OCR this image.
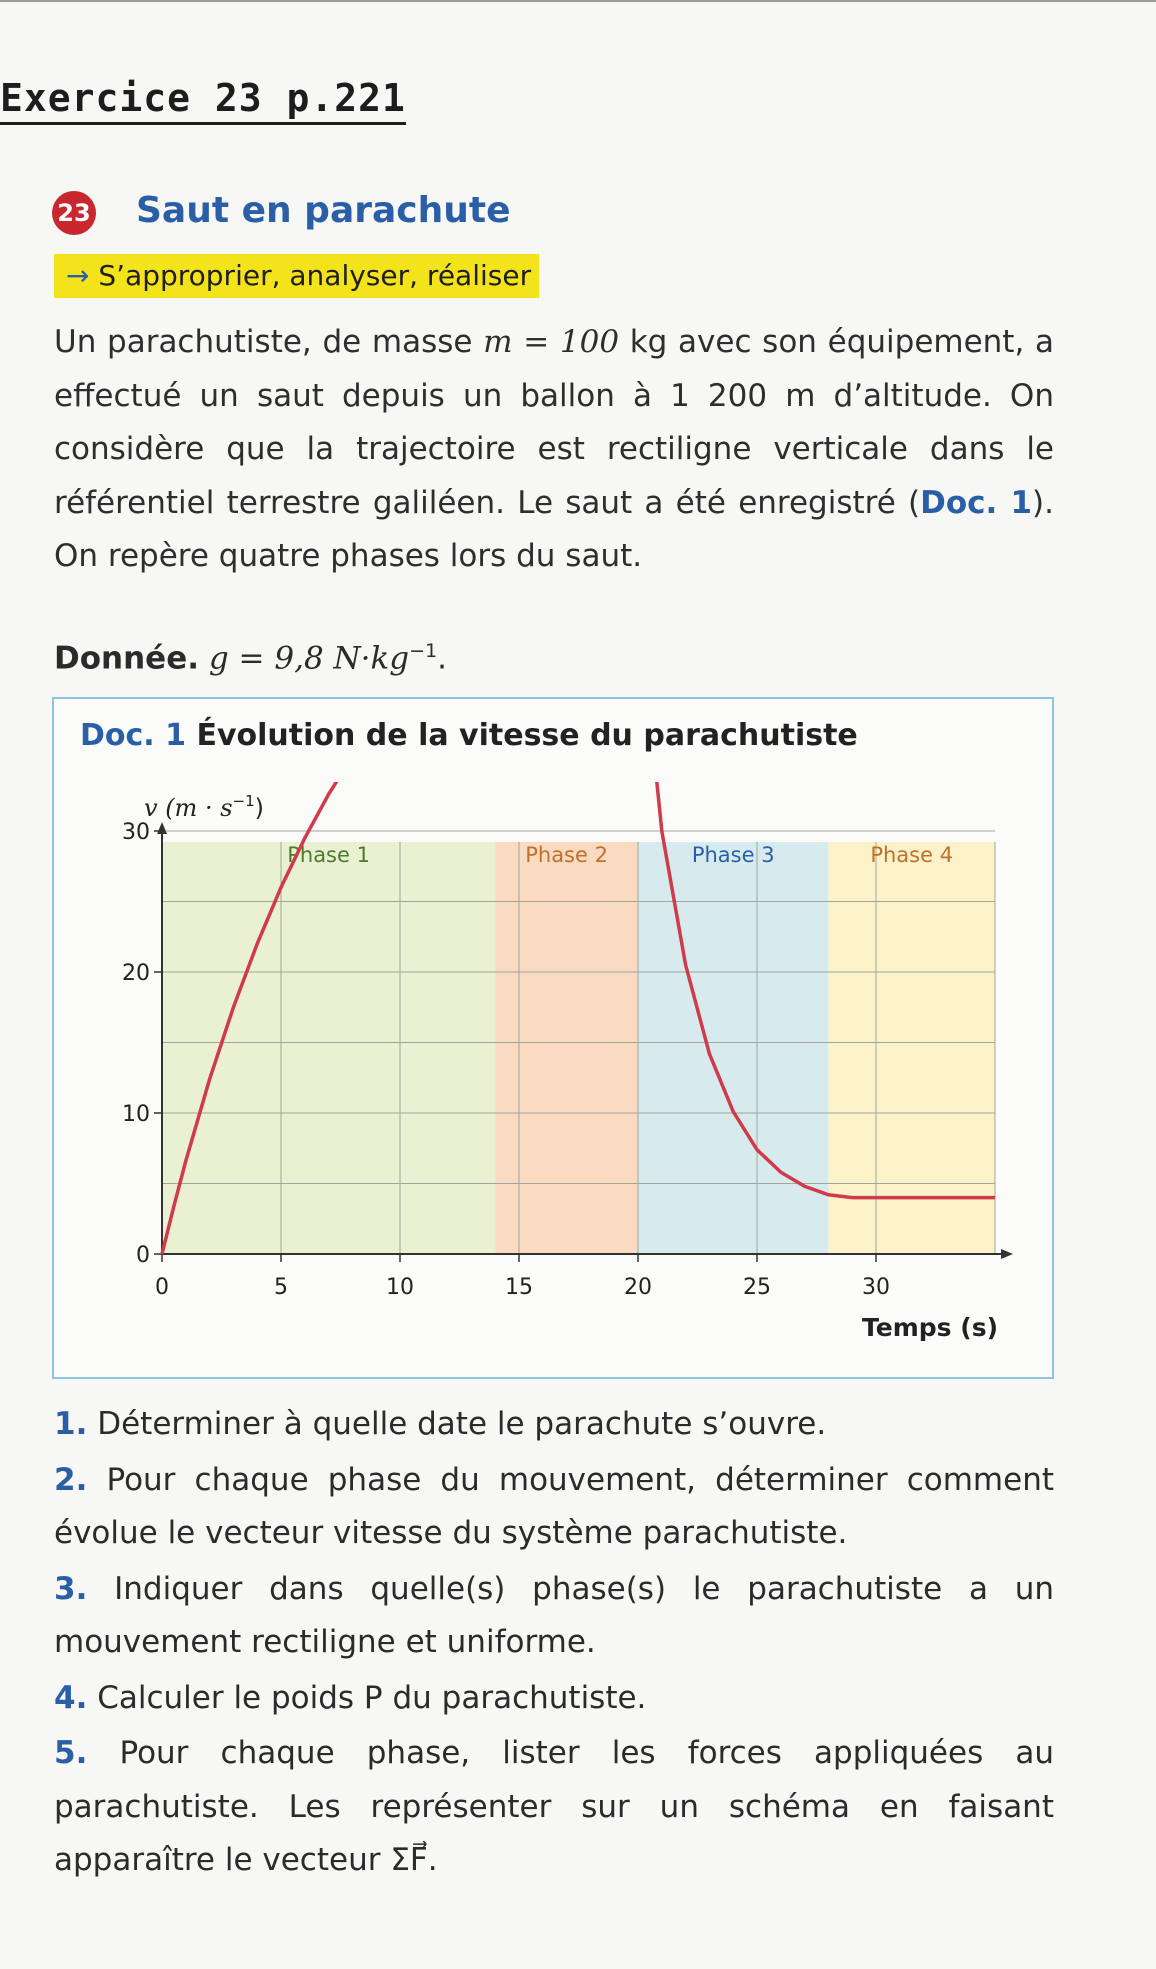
Exercice 23 p.221
23 Saut en parachute
→ S’approprier, analyser, réaliser

Un parachutiste, de masse m = 100 kg avec son équipement, a effectué un saut depuis un ballon à 1 200 m d’altitude. On considère que la trajectoire est rectiligne verticale dans le référentiel terrestre galiléen. Le saut a été enregistré (Doc. 1). On repère quatre phases lors du saut.

Donnée. g = 9,8 $N\cdot kg^{-1}$.
Doc. 1 Évolution de la vitesse du parachutiste
0	5	10	15	20	25	30
0
10
20
30
Phase 1	Phase 2	Phase 3	Phase 4
v $(m \cdot s^{-1})$
Temps (s)
1. Déterminer à quelle date le parachute s’ouvre.
2. Pour chaque phase du mouvement, déterminer comment évolue le vecteur vitesse du système parachutiste.
3. Indiquer dans quelle(s) phase(s) le parachutiste a un mouvement rectiligne et uniforme.
4. Calculer le poids P du parachutiste.
5. Pour chaque phase, lister les forces appliquées au parachutiste. Les représenter sur un schéma en faisant apparaître le vecteur ΣF⃗.
